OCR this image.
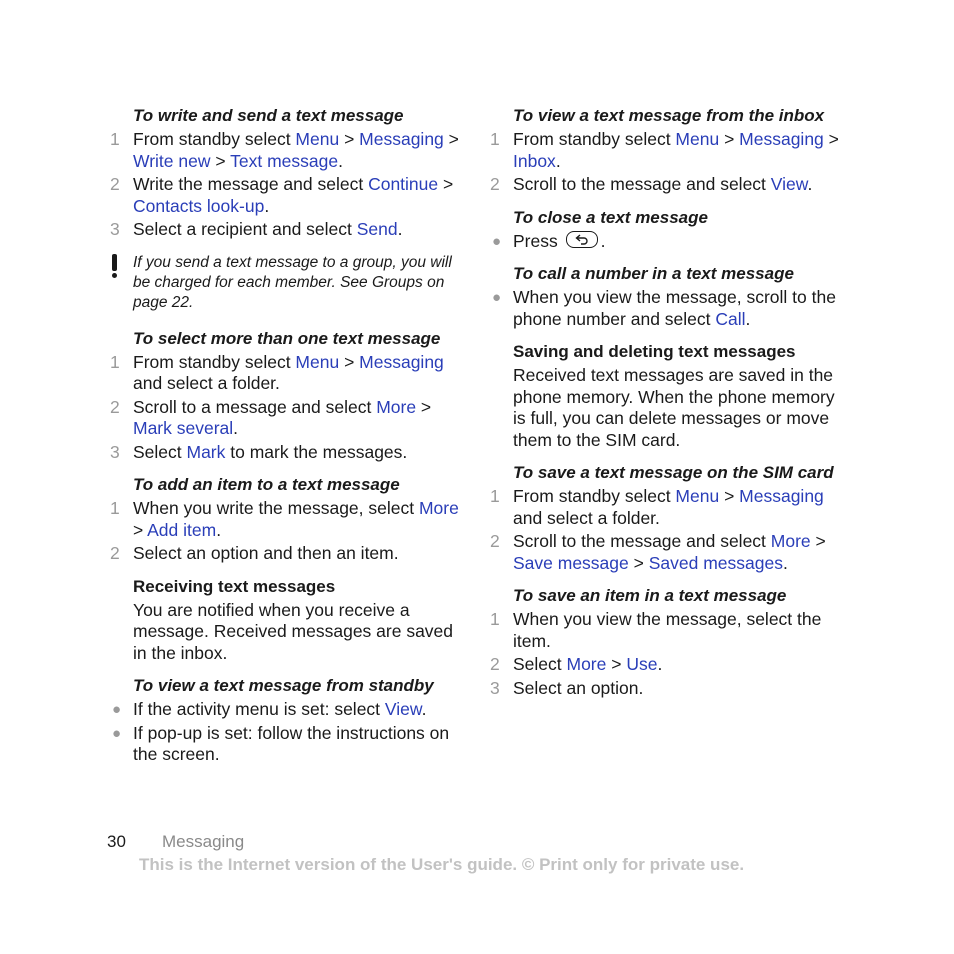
To write and send a text message
1 From standby select Menu > Messaging > Write new > Text message.
2 Write the message and select Continue > Contacts look-up.
3 Select a recipient and select Send.
If you send a text message to a group, you will be charged for each member. See Groups on page 22.
To select more than one text message
1 From standby select Menu > Messaging and select a folder.
2 Scroll to a message and select More > Mark several.
3 Select Mark to mark the messages.
To add an item to a text message
1 When you write the message, select More > Add item.
2 Select an option and then an item.
Receiving text messages
You are notified when you receive a message. Received messages are saved in the inbox.
To view a text message from standby
● If the activity menu is set: select View.
● If pop-up is set: follow the instructions on the screen.
To view a text message from the inbox
1 From standby select Menu > Messaging > Inbox.
2 Scroll to the message and select View.
To close a text message
● Press
.
To call a number in a text message
● When you view the message, scroll to the phone number and select Call.
Saving and deleting text messages
Received text messages are saved in the phone memory. When the phone memory is full, you can delete messages or move them to the SIM card.
To save a text message on the SIM card
1 From standby select Menu > Messaging and select a folder.
2 Scroll to the message and select More > Save message > Saved messages.
To save an item in a text message
1 When you view the message, select the item.
2 Select More > Use.
3 Select an option.
30 Messaging
This is the Internet version of the User's guide. © Print only for private use.
